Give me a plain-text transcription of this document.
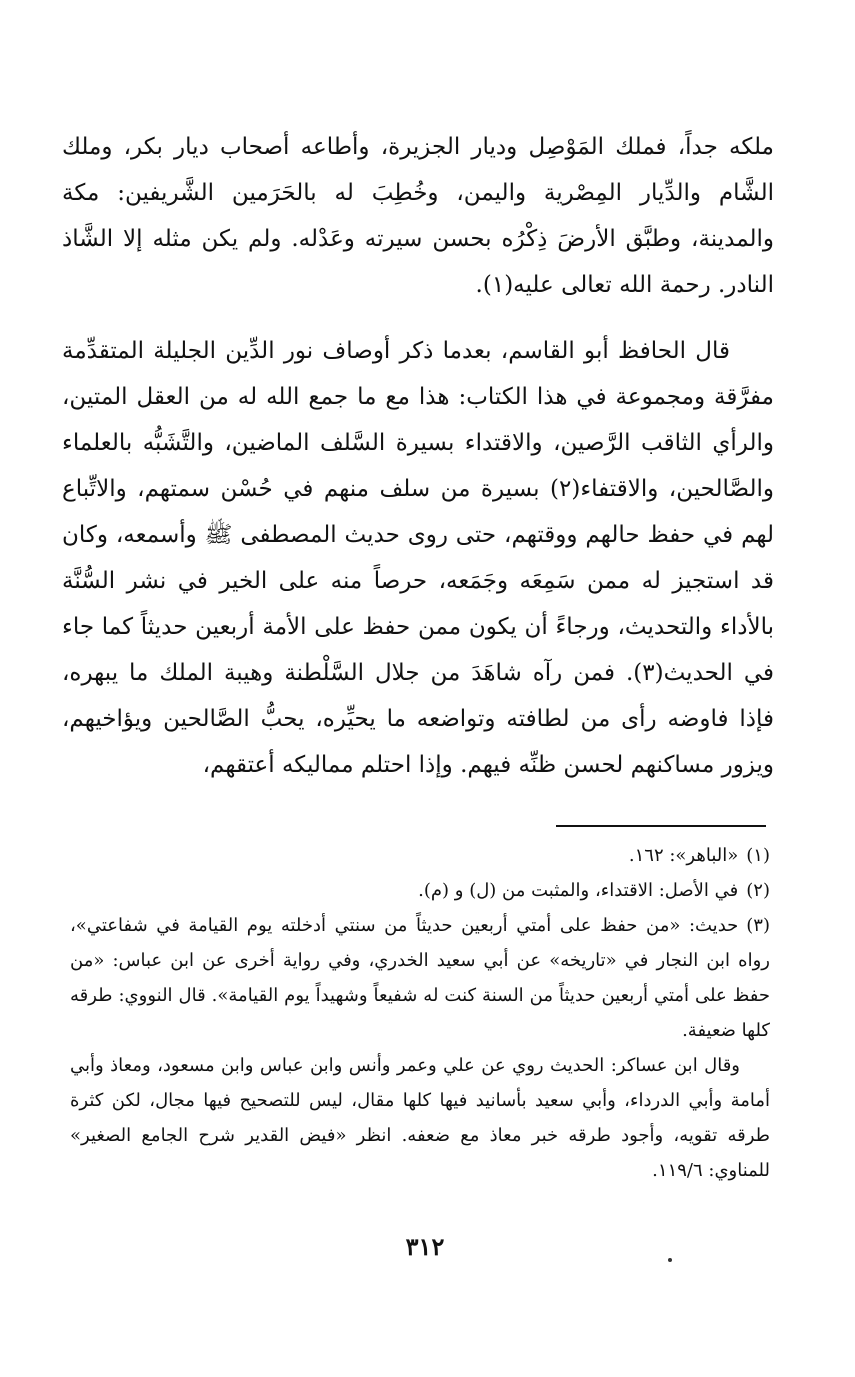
ملكه جداً، فملك المَوْصِل وديار الجزيرة، وأطاعه أصحاب ديار بكر، وملك الشَّام والدِّيار المِصْرية واليمن، وخُطِبَ له بالحَرَمين الشَّريفين: مكة والمدينة، وطبَّق الأرضَ ذِكْرُه بحسن سيرته وعَدْله. ولم يكن مثله إلا الشَّاذ النادر. رحمة الله تعالى عليه(١).

قال الحافظ أبو القاسم، بعدما ذكر أوصاف نور الدِّين الجليلة المتقدِّمة مفرَّقة ومجموعة في هذا الكتاب: هذا مع ما جمع الله له من العقل المتين، والرأي الثاقب الرَّصين، والاقتداء بسيرة السَّلف الماضين، والتَّشَبُّه بالعلماء والصَّالحين، والاقتفاء(٢) بسيرة من سلف منهم في حُسْن سمتهم، والاتِّباع لهم في حفظ حالهم ووقتهم، حتى روى حديث المصطفى ﷺ وأسمعه، وكان قد استجيز له ممن سَمِعَه وجَمَعه، حرصاً منه على الخير في نشر السُّنَّة بالأداء والتحديث، ورجاءً أن يكون ممن حفظ على الأمة أربعين حديثاً كما جاء في الحديث(٣). فمن رآه شاهَدَ من جلال السَّلْطنة وهيبة الملك ما يبهره، فإذا فاوضه رأى من لطافته وتواضعه ما يحيِّره، يحبُّ الصَّالحين ويؤاخيهم، ويزور مساكنهم لحسن ظنِّه فيهم. وإذا احتلم مماليكه أعتقهم،

(١)«الباهر»: ١٦٢.

(٢)في الأصل: الاقتداء، والمثبت من (ل) و (م).

(٣)حديث: «من حفظ على أمتي أربعين حديثاً من سنتي أدخلته يوم القيامة في شفاعتي»، رواه ابن النجار في «تاريخه» عن أبي سعيد الخدري، وفي رواية أخرى عن ابن عباس: «من حفظ على أمتي أربعين حديثاً من السنة كنت له شفيعاً وشهيداً يوم القيامة». قال النووي: طرقه كلها ضعيفة.

وقال ابن عساكر: الحديث روي عن علي وعمر وأنس وابن عباس وابن مسعود، ومعاذ وأبي أمامة وأبي الدرداء، وأبي سعيد بأسانيد فيها كلها مقال، ليس للتصحيح فيها مجال، لكن كثرة طرقه تقويه، وأجود طرقه خبر معاذ مع ضعفه. انظر «فيض القدير شرح الجامع الصغير» للمناوي: ١١٩/٦.

٣١٢
